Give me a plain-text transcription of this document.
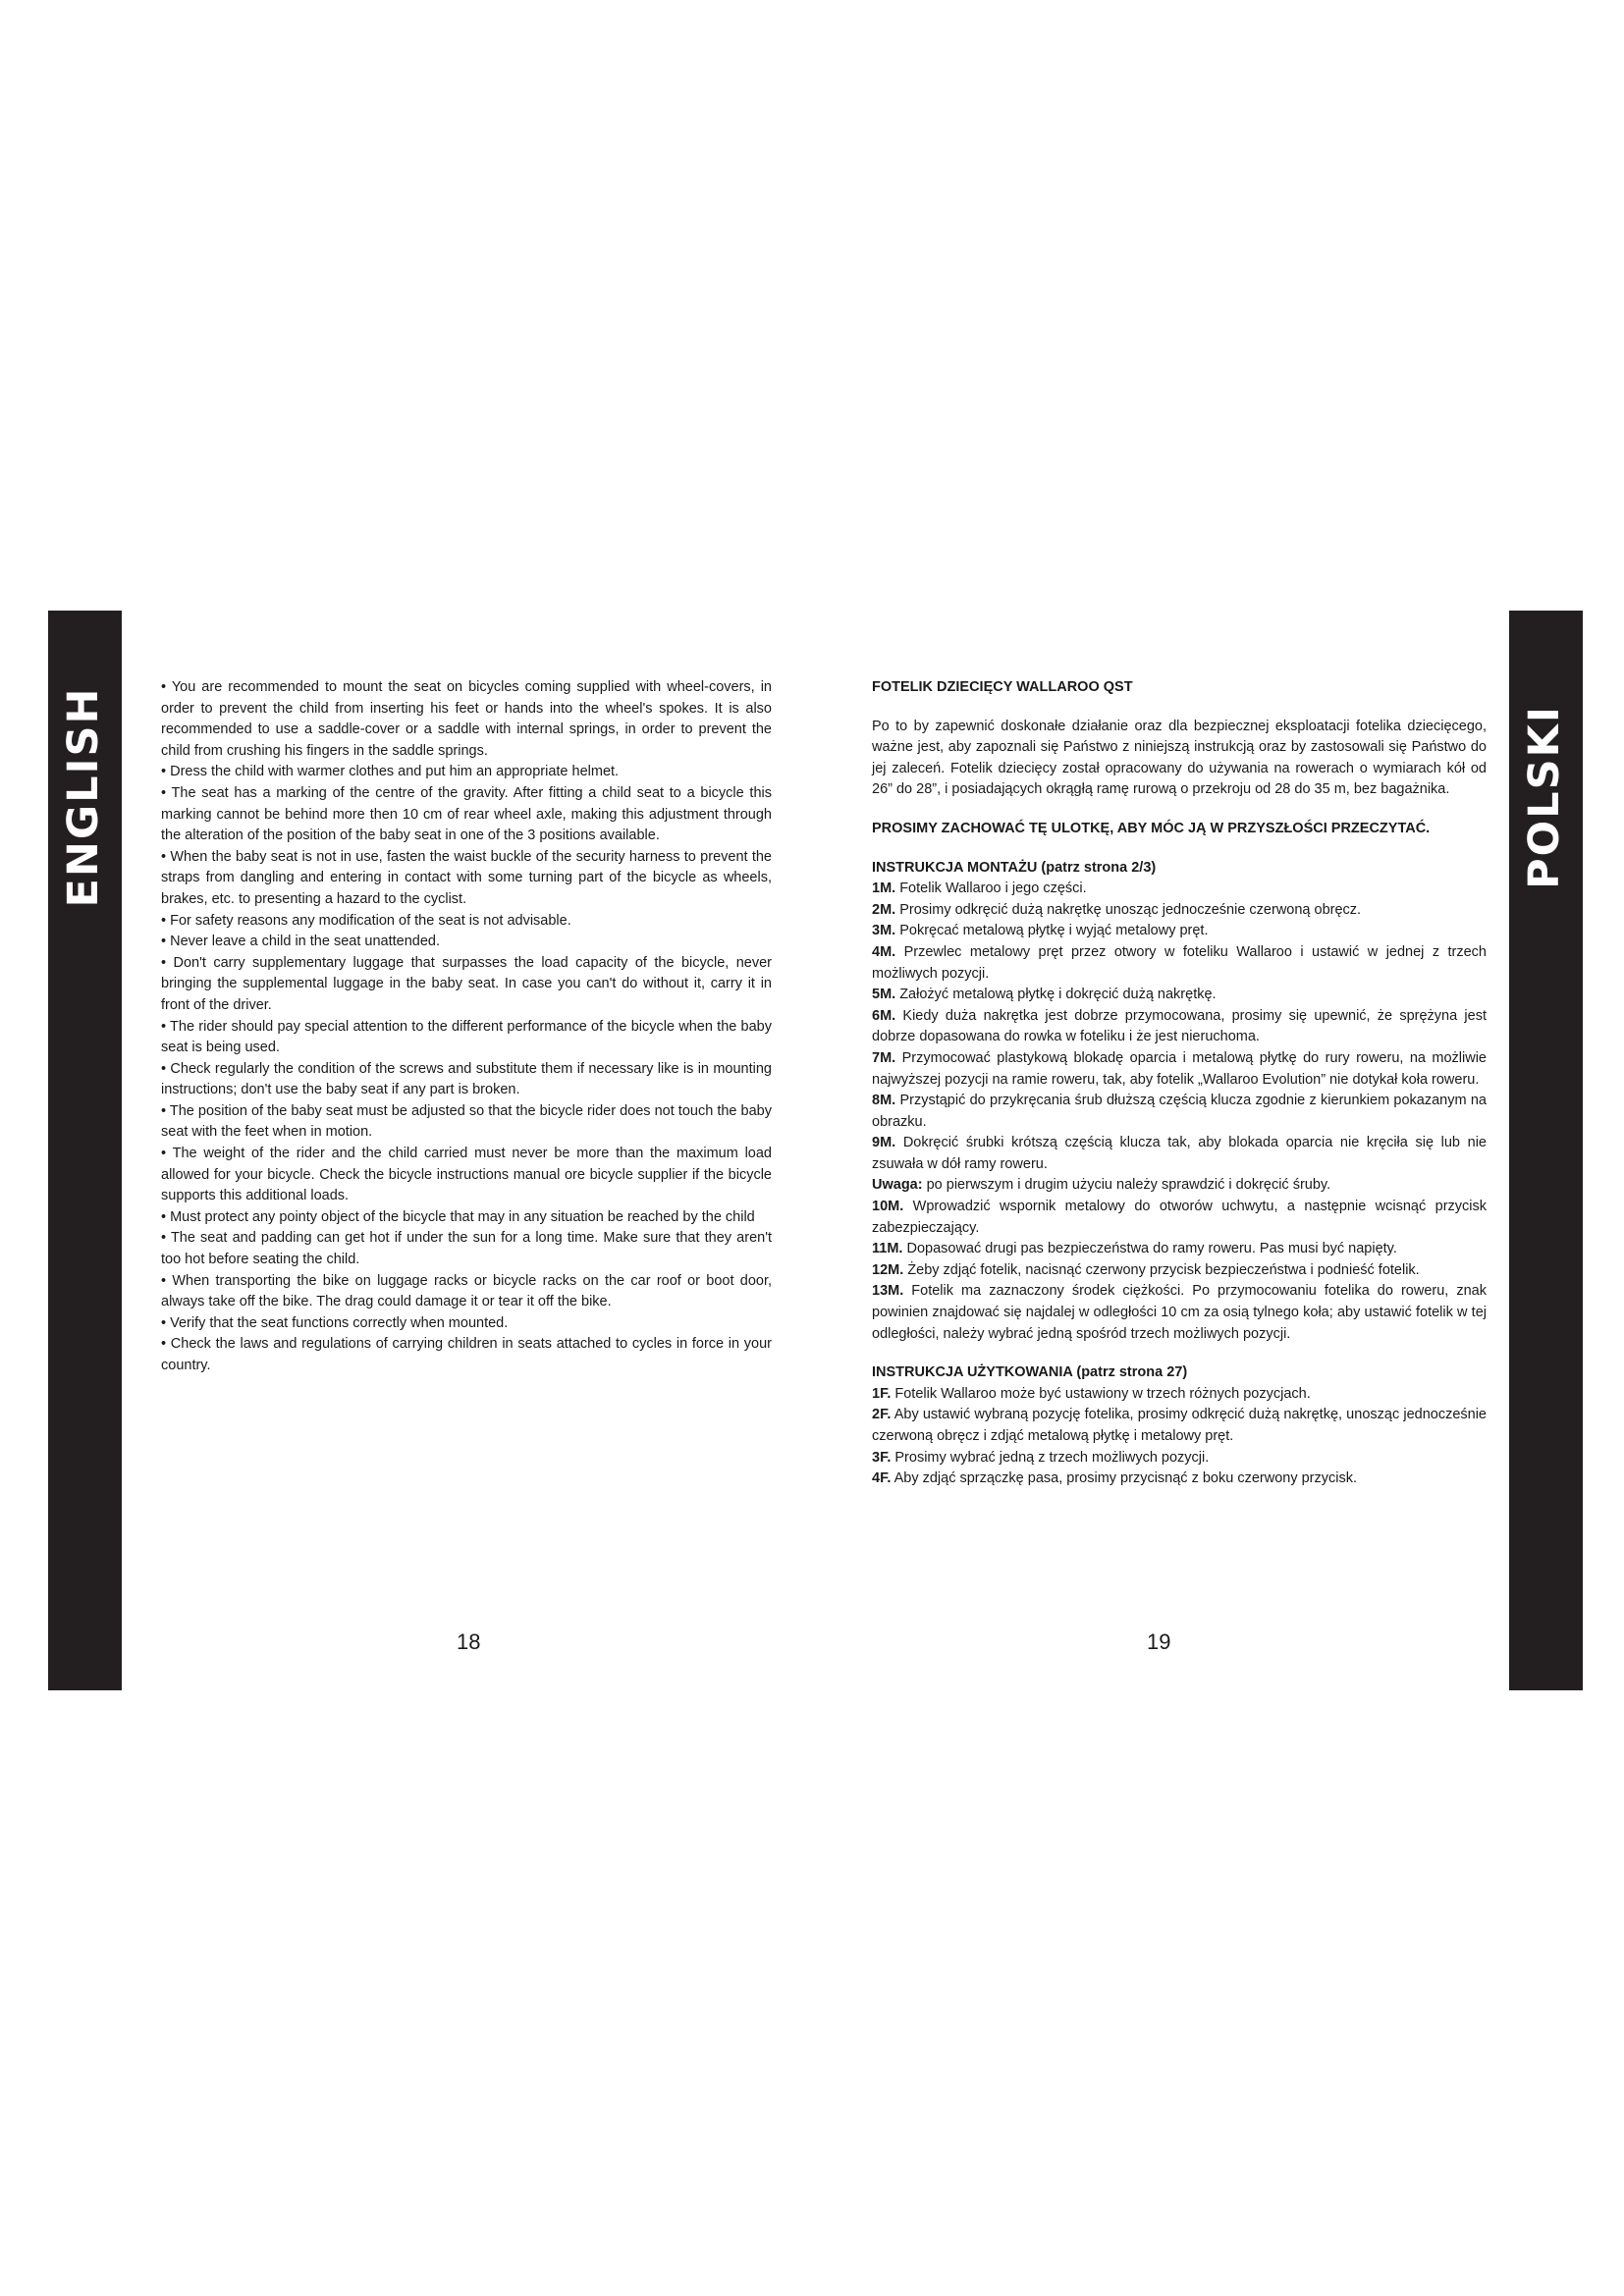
ENGLISH	POLSKI

• You are recommended to mount the seat on bicycles coming supplied with wheel-covers, in order to prevent the child from inserting his feet or hands into the wheel's spokes. It is also recommended to use a saddle-cover or a saddle with internal springs, in order to prevent the child from crushing his fingers in the saddle springs.

• Dress the child with warmer clothes and put him an appropriate helmet.

• The seat has a marking of the centre of the gravity. After fitting a child seat to a bicycle this marking cannot be behind more then 10 cm of rear wheel axle, making this adjustment through the alteration of the position of the baby seat in one of the 3 positions available.

• When the baby seat is not in use, fasten the waist buckle of the security harness to prevent the straps from dangling and entering in contact with some turning part of the bicycle as wheels, brakes, etc. to presenting a hazard to the cyclist.

• For safety reasons any modification of the seat is not advisable.

• Never leave a child in the seat unattended.

• Don't carry supplementary luggage that surpasses the load capacity of the bicycle, never bringing the supplemental luggage in the baby seat. In case you can't do without it, carry it in front of the driver.

• The rider should pay special attention to the different performance of the bicycle when the baby seat is being used.

• Check regularly the condition of the screws and substitute them if necessary like is in mounting instructions; don't use the baby seat if any part is broken.

• The position of the baby seat must be adjusted so that the bicycle rider does not touch the baby seat with the feet when in motion.

• The weight of the rider and the child carried must never be more than the maximum load allowed for your bicycle. Check the bicycle instructions manual ore bicycle supplier if the bicycle supports this additional loads.

• Must protect any pointy object of the bicycle that may in any situation be reached by the child

• The seat and padding can get hot if under the sun for a long time. Make sure that they aren't too hot before seating the child.

• When transporting the bike on luggage racks or bicycle racks on the car roof or boot door, always take off the bike. The drag could damage it or tear it off the bike.

• Verify that the seat functions correctly when mounted.

• Check the laws and regulations of carrying children in seats attached to cycles in force in your country.

FOTELIK DZIECIĘCY WALLAROO QST

Po to by zapewnić doskonałe działanie oraz dla bezpiecznej eksploatacji fotelika dziecięcego, ważne jest, aby zapoznali się Państwo z niniejszą instrukcją oraz by zastosowali się Państwo do jej zaleceń. Fotelik dziecięcy został opracowany do używania na rowerach o wymiarach kół od 26” do 28”, i posiadających okrągłą ramę rurową o przekroju od 28 do 35 m, bez bagażnika.

PROSIMY ZACHOWAĆ TĘ ULOTKĘ, ABY MÓC JĄ W PRZYSZŁOŚCI PRZECZYTAĆ.

INSTRUKCJA MONTAŻU (patrz strona 2/3)

1M. Fotelik Wallaroo i jego części.

2M. Prosimy odkręcić dużą nakrętkę unosząc jednocześnie czerwoną obręcz.

3M. Pokręcać metalową płytkę i wyjąć metalowy pręt.

4M. Przewlec metalowy pręt przez otwory w foteliku Wallaroo i ustawić w jednej z trzech możliwych pozycji.

5M. Założyć metalową płytkę i dokręcić dużą nakrętkę.

6M. Kiedy duża nakrętka jest dobrze przymocowana, prosimy się upewnić, że sprężyna jest dobrze dopasowana do rowka w foteliku i że jest nieruchoma.

7M. Przymocować plastykową blokadę oparcia i metalową płytkę do rury roweru, na możliwie najwyższej pozycji na ramie roweru, tak, aby fotelik „Wallaroo Evolution” nie dotykał koła roweru.

8M. Przystąpić do przykręcania śrub dłuższą częścią klucza zgodnie z kierunkiem pokazanym na obrazku.

9M. Dokręcić śrubki krótszą częścią klucza tak, aby blokada oparcia nie kręciła się lub nie zsuwała w dół ramy roweru.

Uwaga: po pierwszym i drugim użyciu należy sprawdzić i dokręcić śruby.

10M. Wprowadzić wspornik metalowy do otworów uchwytu, a następnie wcisnąć przycisk zabezpieczający.

11M. Dopasować drugi pas bezpieczeństwa do ramy roweru. Pas musi być napięty.

12M. Żeby zdjąć fotelik, nacisnąć czerwony przycisk bezpieczeństwa i podnieść fotelik.

13M. Fotelik ma zaznaczony środek ciężkości. Po przymocowaniu fotelika do roweru, znak powinien znajdować się najdalej w odległości 10 cm za osią tylnego koła; aby ustawić fotelik w tej odległości, należy wybrać jedną spośród trzech możliwych pozycji.

INSTRUKCJA UŻYTKOWANIA (patrz strona 27)

1F. Fotelik Wallaroo może być ustawiony w trzech różnych pozycjach.

2F. Aby ustawić wybraną pozycję fotelika, prosimy odkręcić dużą nakrętkę, unosząc jednocześnie czerwoną obręcz i zdjąć metalową płytkę i metalowy pręt.

3F. Prosimy wybrać jedną z trzech możliwych pozycji.

4F. Aby zdjąć sprzączkę pasa, prosimy przycisnąć z boku czerwony przycisk.

18	19
